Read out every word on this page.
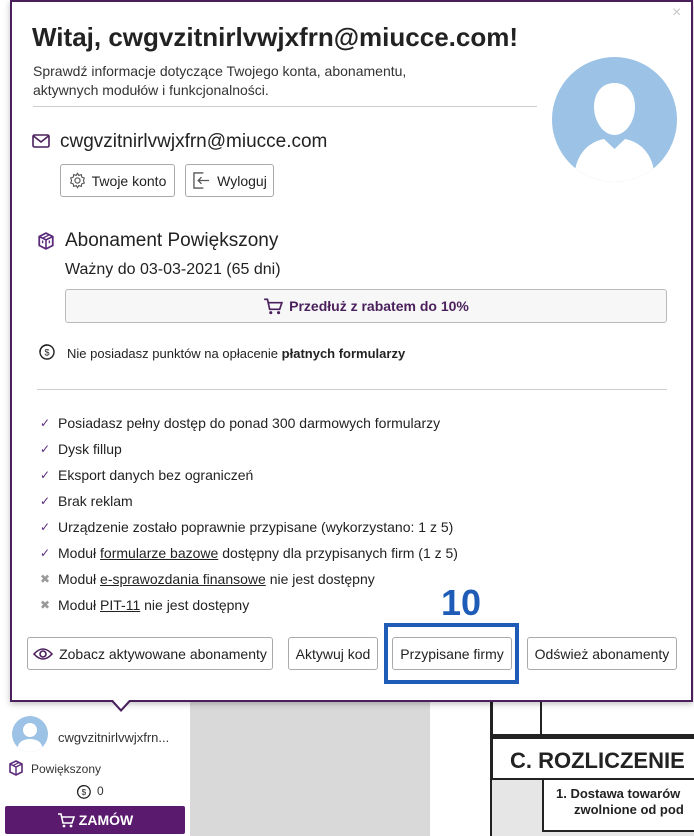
C. ROZLICZENIE
1. Dostawa towarów
zwolnione od pod
cwgvzitnirlvwjxfrn...
Powiększony
$ 0
ZAMÓW
×
Witaj, cwgvzitnirlvwjxfrn@miucce.com!
Sprawdź informacje dotyczące Twojego konta, abonamentu, aktywnych modułów i funkcjonalności.
cwgvzitnirlvwjxfrn@miucce.com
Twoje konto	Wyloguj
Abonament Powiększony
Ważny do 03-03-2021 (65 dni)
Przedłuż z rabatem do 10%
$ Nie posiadasz punktów na opłacenie płatnych formularzy
✓ Posiadasz pełny dostęp do ponad 300 darmowych formularzy
✓ Dysk fillup
✓ Eksport danych bez ograniczeń
✓ Brak reklam
✓ Urządzenie zostało poprawnie przypisane (wykorzystano: 1 z 5)
✓ Moduł
formularze bazowe
dostępny dla przypisanych firm (1 z 5)
✖ Moduł
e-sprawozdania finansowe
nie jest dostępny
✖ Moduł
PIT-11
nie jest dostępny	10
Zobacz aktywowane abonamenty Aktywuj kod Przypisane firmy Odśwież abonamenty
